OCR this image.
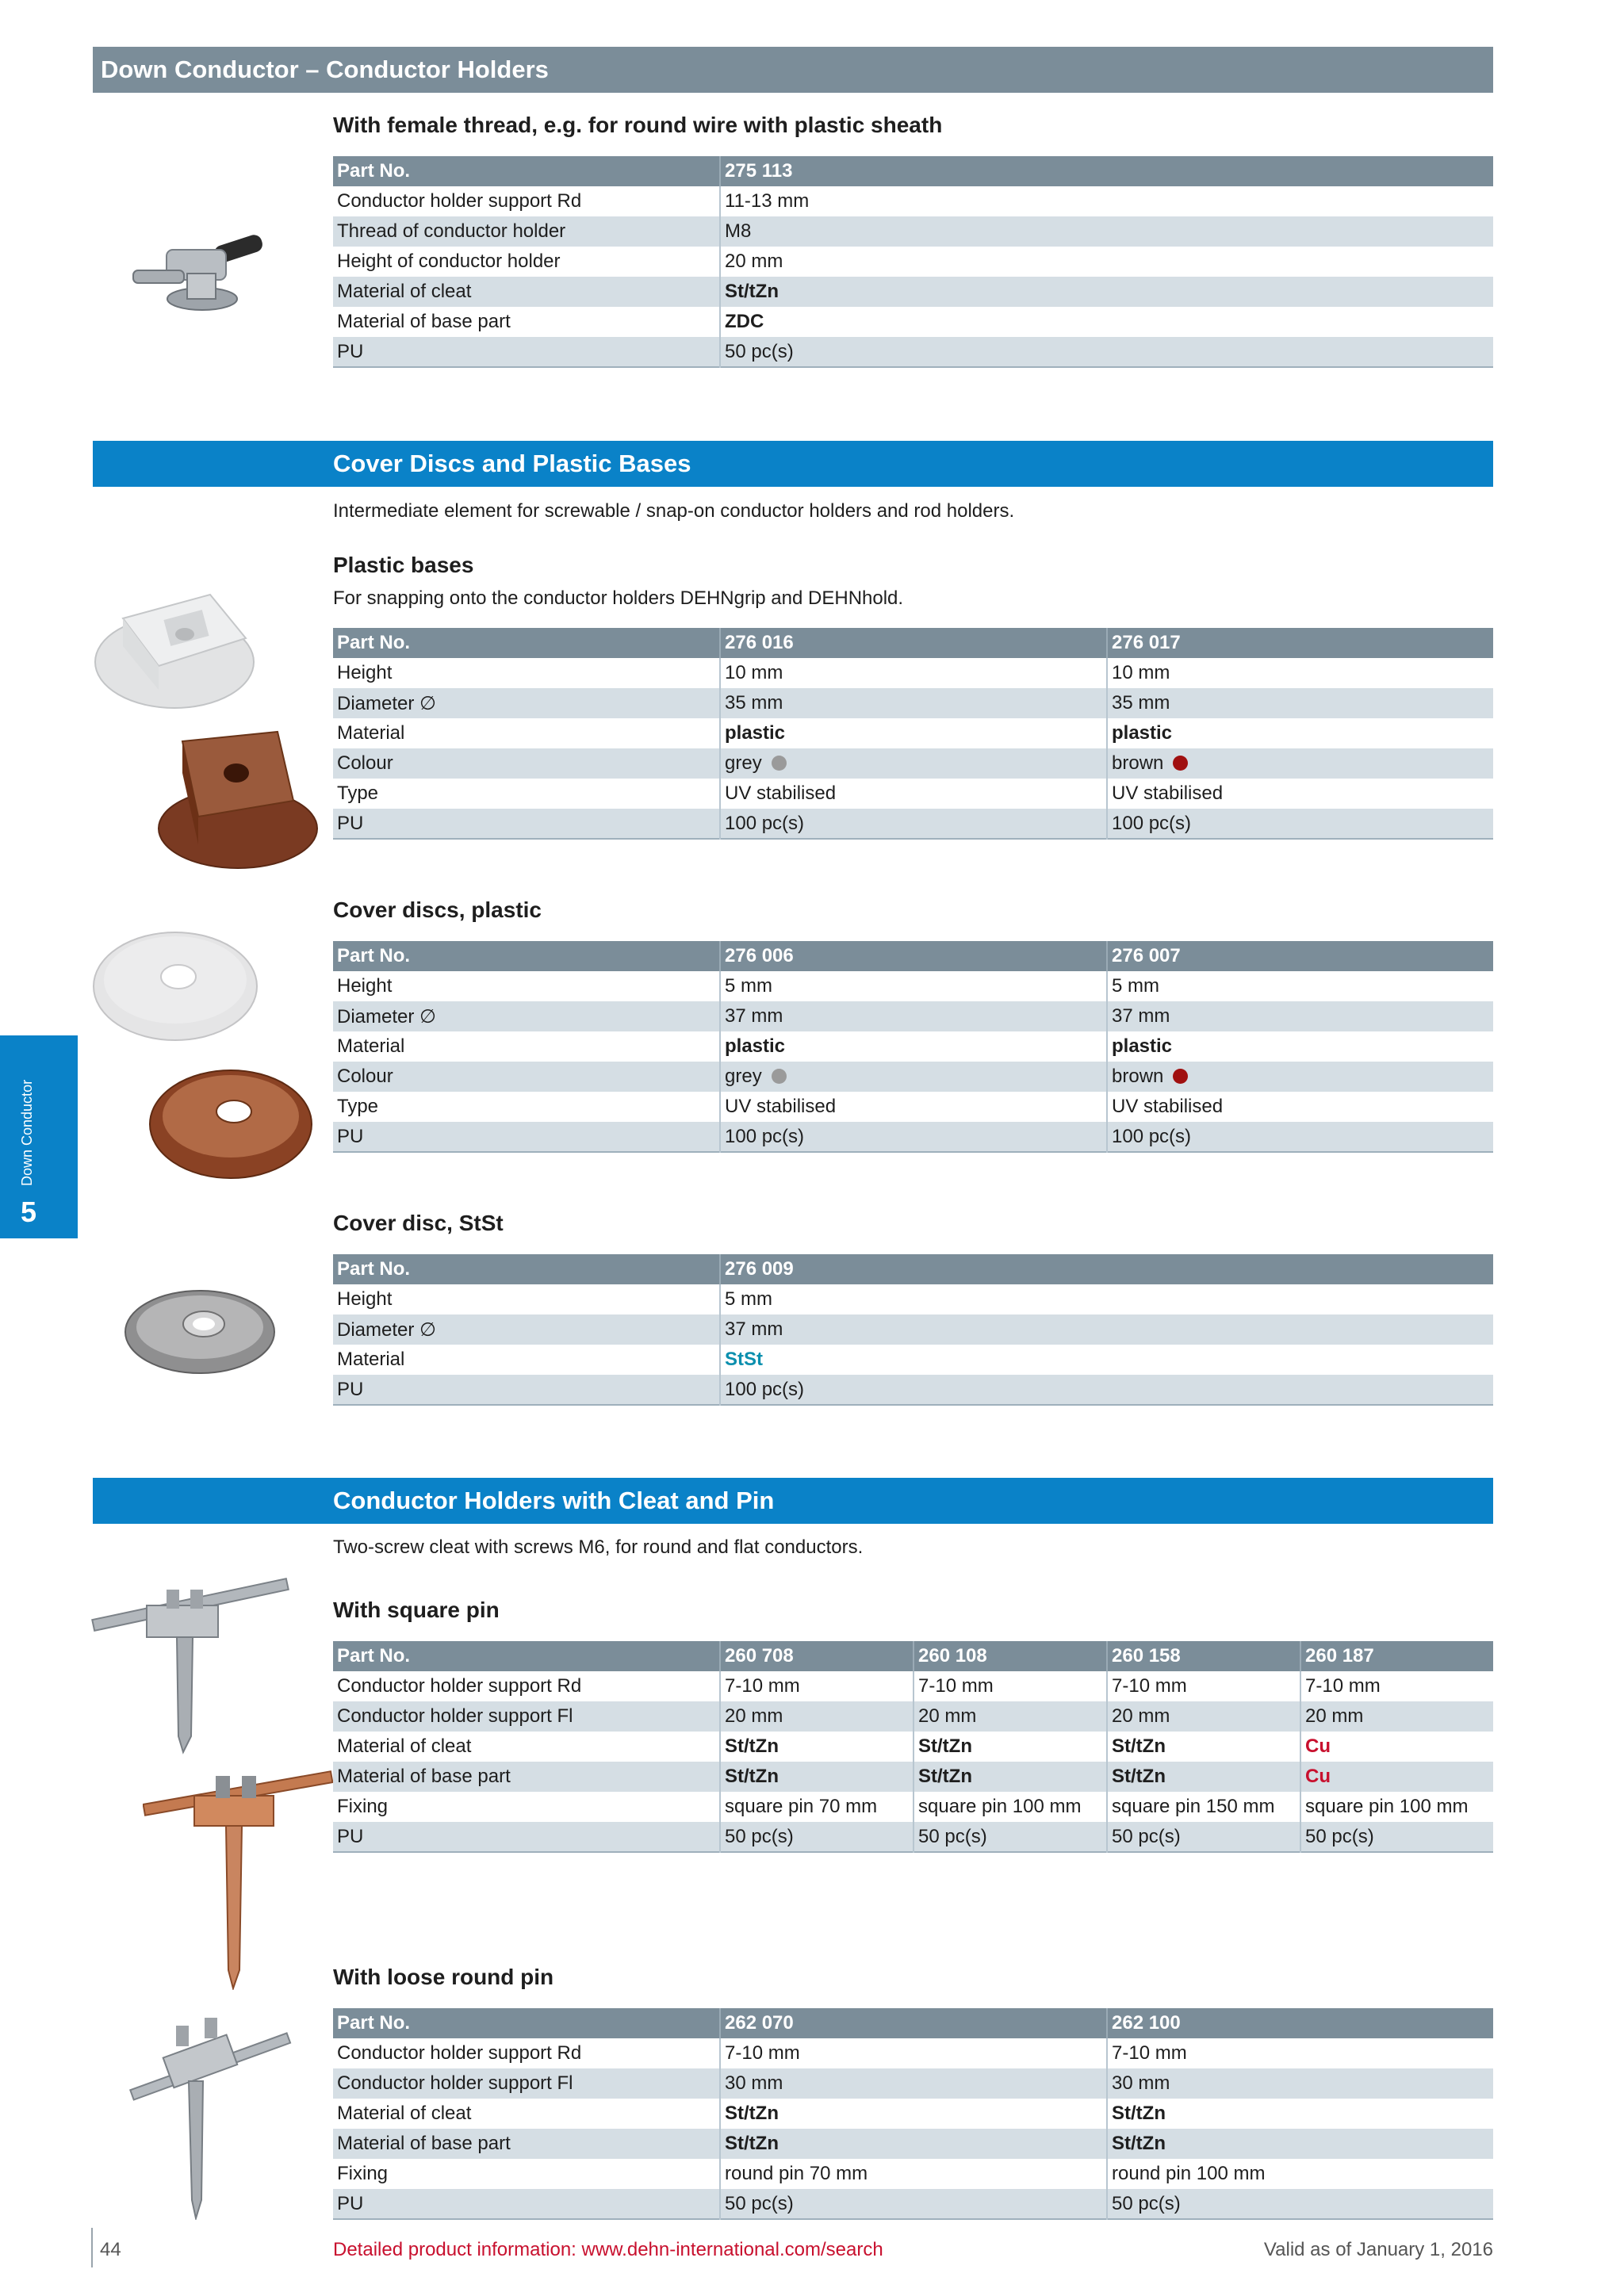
Down Conductor – Conductor Holders
With female thread, e.g. for round wire with plastic sheath
Part No.	275 113
Conductor holder support Rd	11-13 mm
Thread of conductor holder	M8
Height of conductor holder	20 mm
Material of cleat	St/tZn
Material of base part	ZDC
PU	50 pc(s)
Cover Discs and Plastic Bases
Intermediate element for screwable / snap-on conductor holders and rod holders.
Plastic bases
For snapping onto the conductor holders DEHNgrip and DEHNhold.
Part No.	276 016	276 017
Height	10 mm	10 mm
Diameter ∅	35 mm	35 mm
Material	plastic	plastic
Colour	grey	brown
Type	UV stabilised	UV stabilised
PU	100 pc(s)	100 pc(s)
Cover discs, plastic
Part No.	276 006	276 007
Height	5 mm	5 mm
Diameter ∅	37 mm	37 mm
Material	plastic	plastic
Colour	grey	brown
Type	UV stabilised	UV stabilised
PU	100 pc(s)	100 pc(s)
Cover disc, StSt
Part No.	276 009
Height	5 mm
Diameter ∅	37 mm
Material	StSt
PU	100 pc(s)
Conductor Holders with Cleat and Pin
Two-screw cleat with screws M6, for round and flat conductors.
With square pin
Part No.	260 708	260 108	260 158	260 187
Conductor holder support Rd	7-10 mm	7-10 mm	7-10 mm	7-10 mm
Conductor holder support Fl	20 mm	20 mm	20 mm	20 mm
Material of cleat	St/tZn	St/tZn	St/tZn	Cu
Material of base part	St/tZn	St/tZn	St/tZn	Cu
Fixing	square pin 70 mm	square pin 100 mm	square pin 150 mm	square pin 100 mm
PU	50 pc(s)	50 pc(s)	50 pc(s)	50 pc(s)
With loose round pin
Part No.	262 070	262 100
Conductor holder support Rd	7-10 mm	7-10 mm
Conductor holder support Fl	30 mm	30 mm
Material of cleat	St/tZn	St/tZn
Material of base part	St/tZn	St/tZn
Fixing	round pin 70 mm	round pin 100 mm
PU	50 pc(s)	50 pc(s)
Down Conductor
5
44	Detailed product information: www.dehn-international.com/search	Valid as of January 1, 2016
